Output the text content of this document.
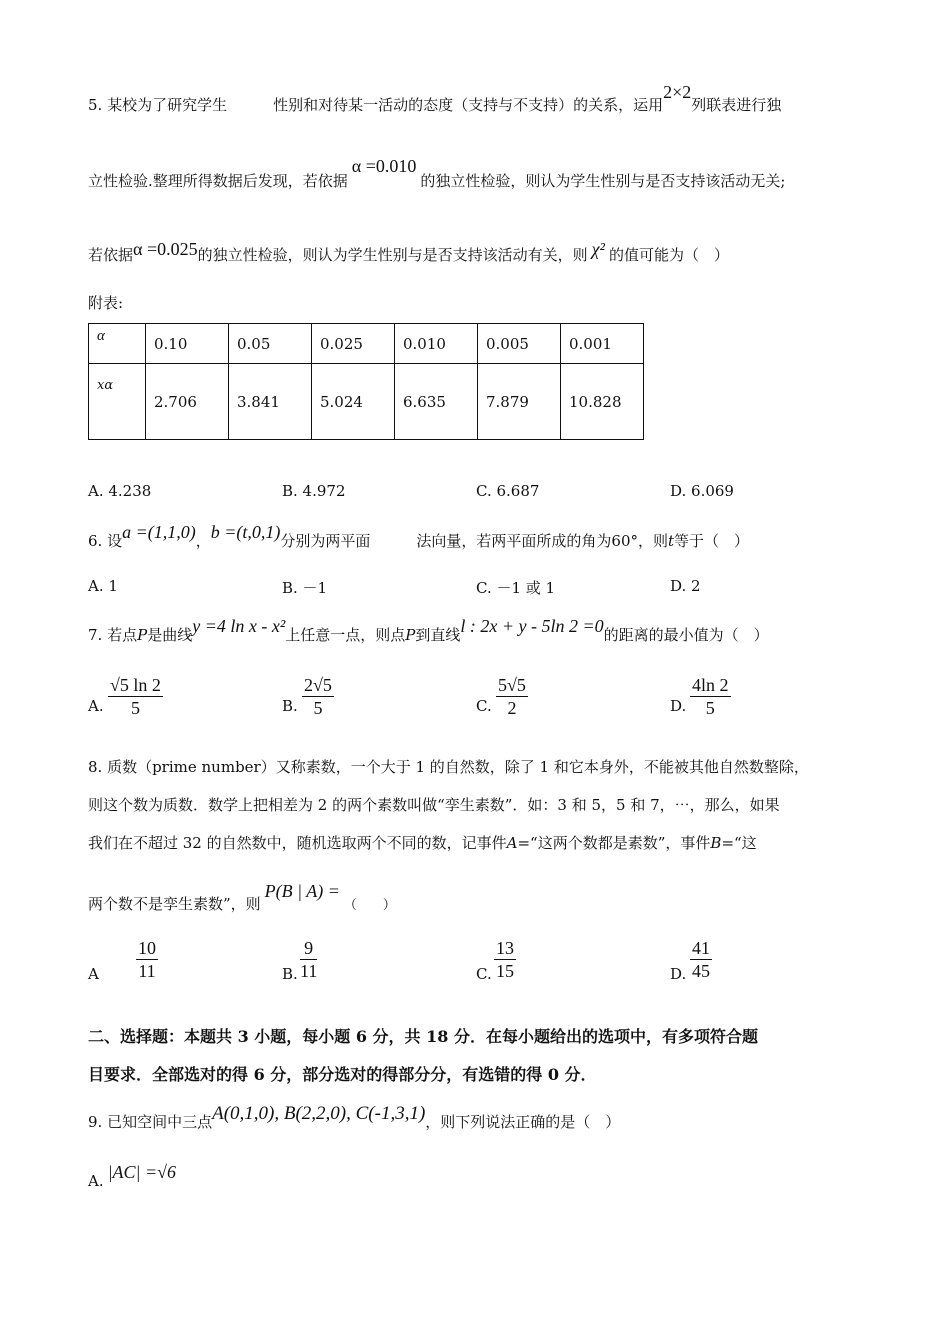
5. 某校为了研究学生	性别和对待某一活动的态度（支持与不支持）的关系，运用2×2列联表进行独
立性检验.整理所得数据后发现，若依据α =0.010的独立性检验，则认为学生性别与是否支持该活动无关;
若依据α =0.025的独立性检验，则认为学生性别与是否支持该活动有关，则 χ² 的值可能为（　）
附表:
α	0.10	0.05	0.025	0.010	0.005	0.001
xα	2.706	3.841	5.024	6.635	7.879	10.828
A. 4.238	B. 4.972	C. 6.687	D. 6.069
6. 设a =(1,1,0)，b =(t,0,1)分别为两平面	法向量，若两平面所成的角为60°，则t等于（　）
A. 1	B. －1	C. －1 或 1	D. 2
7. 若点P是曲线y =4 ln x - x²上任意一点，则点P到直线l : 2x + y - 5ln 2 =0的距离的最小值为（　）
A.
√5 ln 2
5	B.
2√5
5	C.
5√5
2	D.
4ln 2
5
8. 质数（prime number）又称素数，一个大于 1 的自然数，除了 1 和它本身外，不能被其他自然数整除，
则这个数为质数．数学上把相差为 2 的两个素数叫做“孪生素数”．如：3 和 5，5 和 7，⋯，那么，如果
我们在不超过 32 的自然数中，随机选取两个不同的数，记事件A=“这两个数都是素数”，事件B=“这
两个数不是孪生素数”，则P(B | A) =（　　）
A
10
11	B.
9
11	C.
13
15	D.
41
45
二、选择题：本题共 3 小题，每小题 6 分，共 18 分．在每小题给出的选项中，有多项符合题
目要求．全部选对的得 6 分，部分选对的得部分分，有选错的得 0 分．
9. 已知空间中三点A(0,1,0), B(2,2,0), C(-1,3,1)，则下列说法正确的是（　）
A. |AC| =√6
